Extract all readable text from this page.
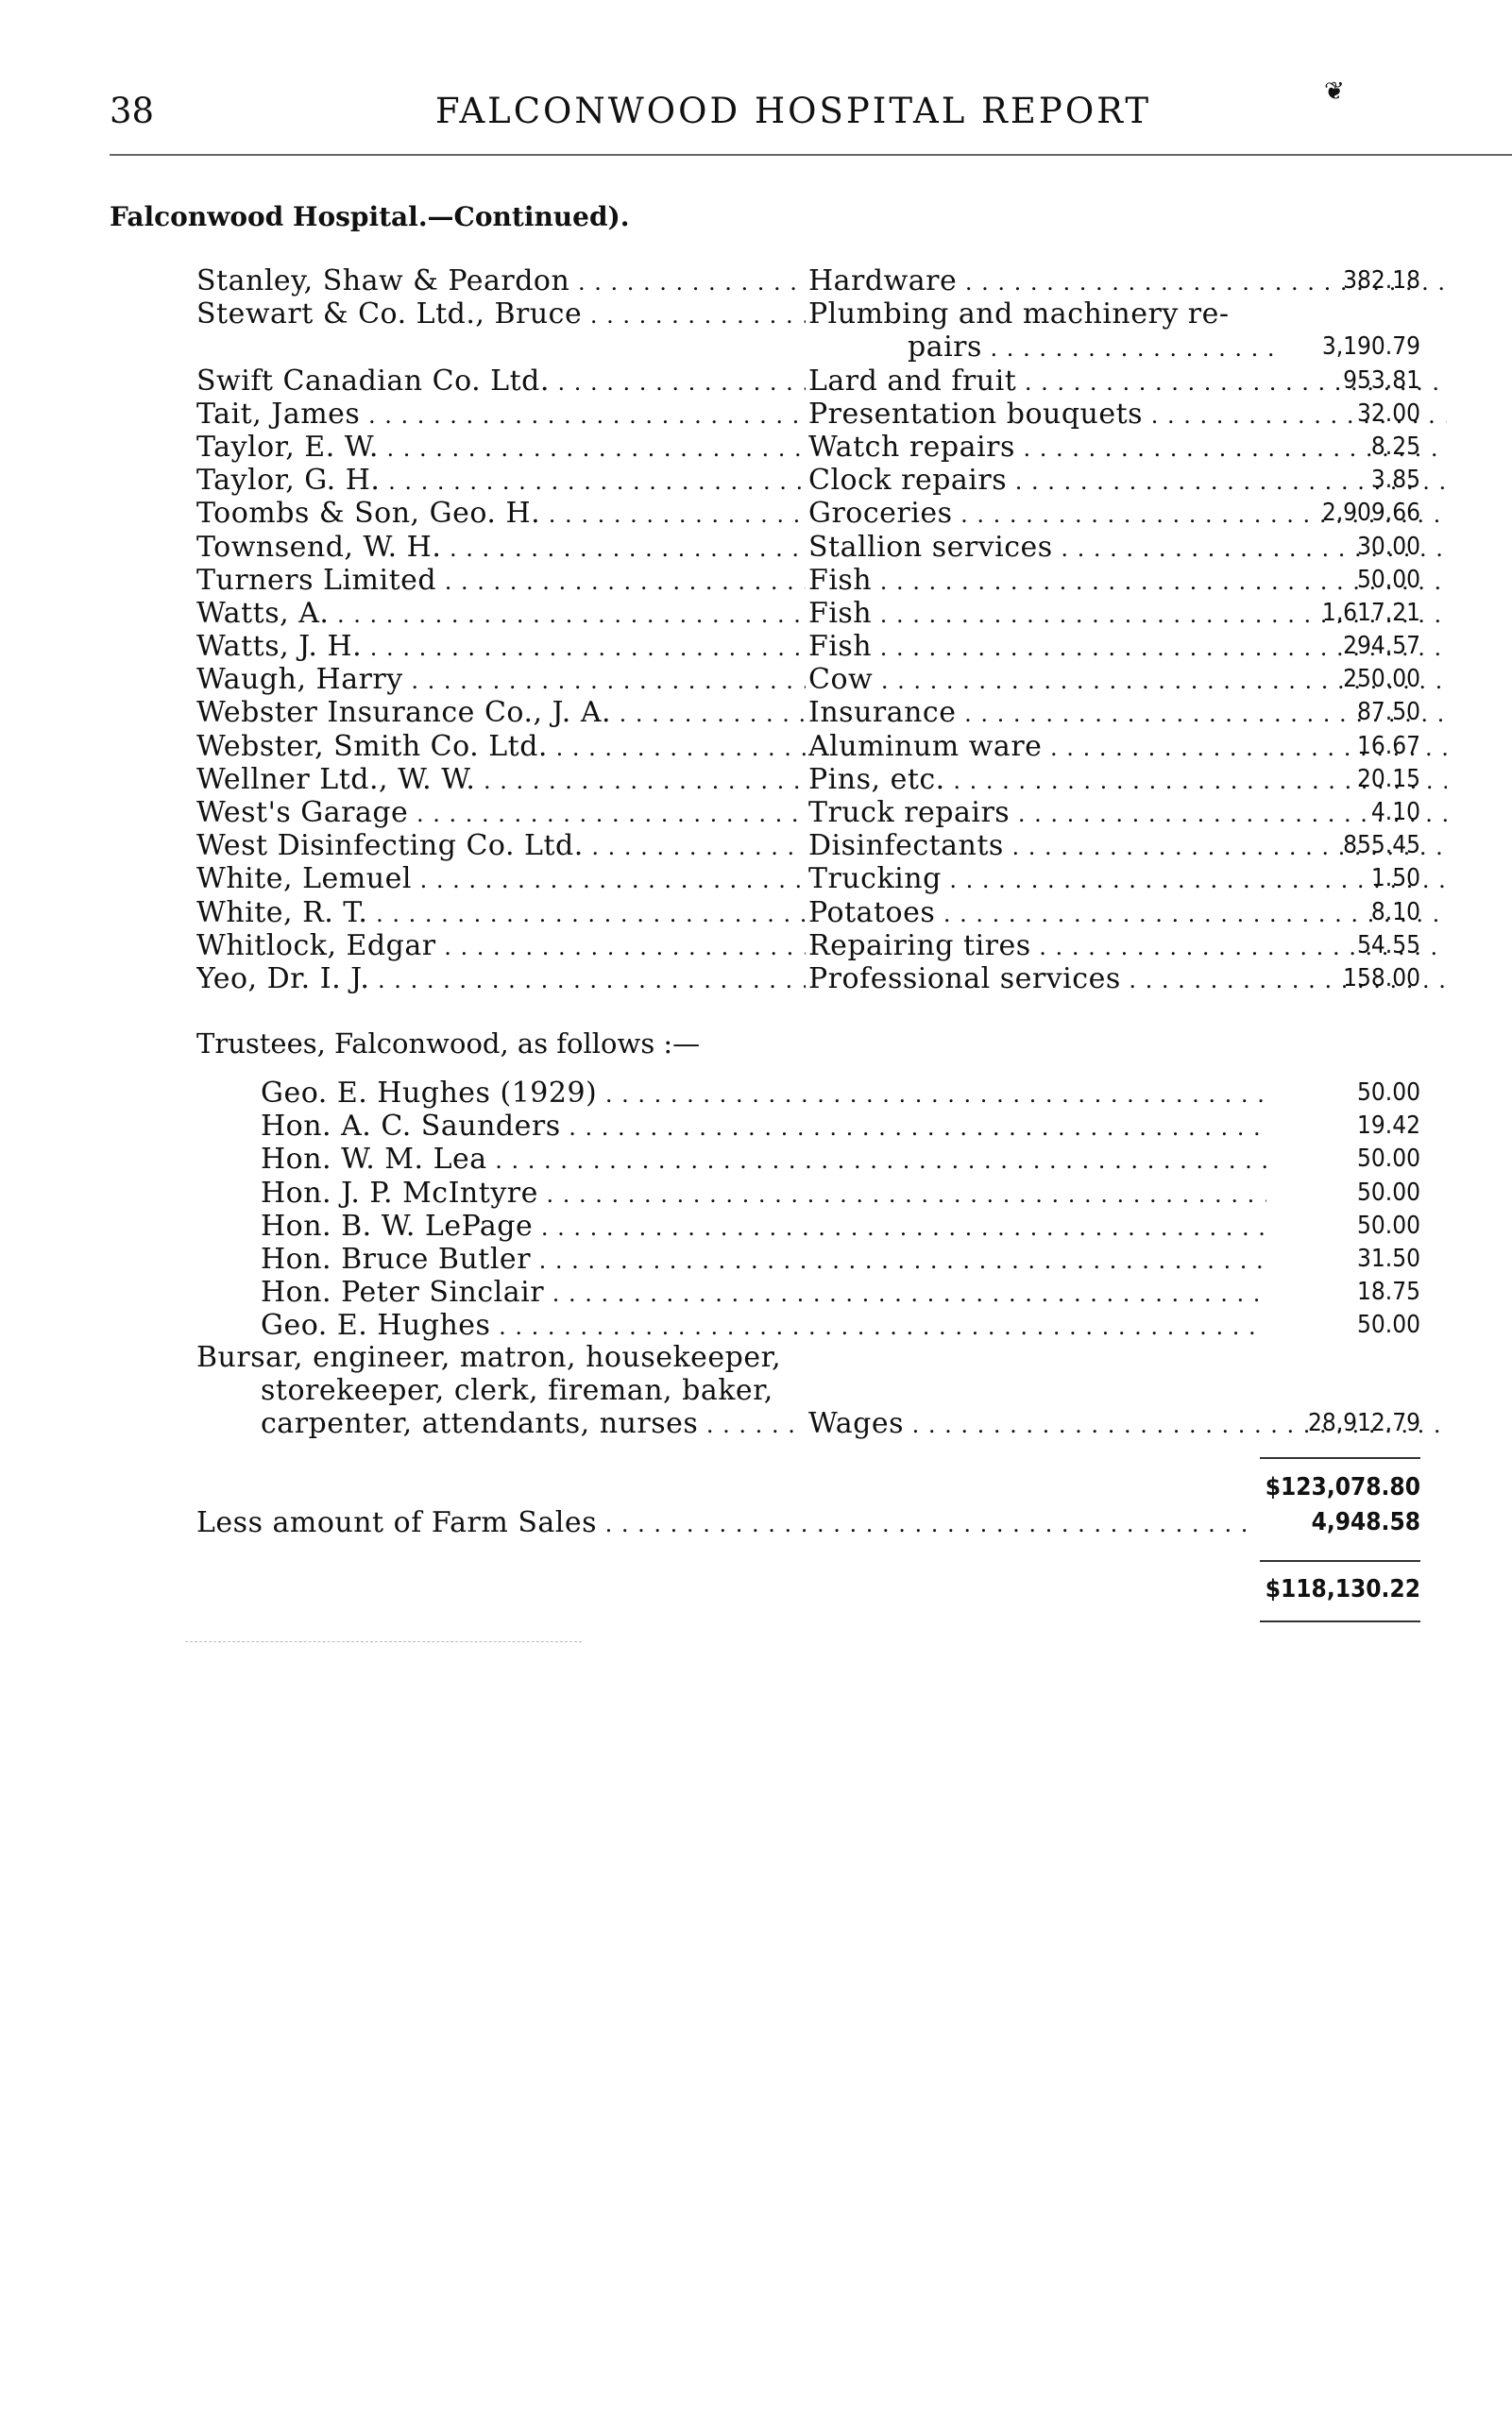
38	FALCONWOOD HOSPITAL REPORT	❦
Falconwood Hospital.—Continued).
Stanley, Shaw & Peardon . . .	Hardware . . .	382.18
Stewart & Co. Ltd., Bruce . . .	Plumbing and machinery re-
pairs . . .	3,190.79
Swift Canadian Co. Ltd. . . .	Lard and fruit . . .	953.81
Tait, James . . .	Presentation bouquets . . .	32.00
Taylor, E. W. . . .	Watch repairs . . .	8.25
Taylor, G. H. . . .	Clock repairs . . .	3.85
Toombs & Son, Geo. H. . . .	Groceries . . .	2,909.66
Townsend, W. H. . . .	Stallion services . . .	30.00
Turners Limited . . .	Fish . . .	50.00
Watts, A. . . .	Fish . . .	1,617.21
Watts, J. H. . . .	Fish . . .	294.57
Waugh, Harry . . .	Cow . . .	250.00
Webster Insurance Co., J. A. . . .	Insurance . . .	87.50
Webster, Smith Co. Ltd. . . .	Aluminum ware . . .	16.67
Wellner Ltd., W. W. . . .	Pins, etc. . . .	20.15
West's Garage . . .	Truck repairs . . .	4.10
West Disinfecting Co. Ltd. . . .	Disinfectants . . .	855.45
White, Lemuel . . .	Trucking . . .	1.50
White, R. T. . . .	Potatoes . . .	8.10
Whitlock, Edgar . . .	Repairing tires . . .	54.55
Yeo, Dr. I. J. . . .	Professional services . . .	158.00
Trustees, Falconwood, as follows :—
Geo. E. Hughes (1929) . . .	50.00
Hon. A. C. Saunders . . .	19.42
Hon. W. M. Lea . . .	50.00
Hon. J. P. McIntyre . . .	50.00
Hon. B. W. LePage . . .	50.00
Hon. Bruce Butler . . .	31.50
Hon. Peter Sinclair . . .	18.75
Geo. E. Hughes . . .	50.00
Bursar, engineer, matron, housekeeper,
storekeeper, clerk, fireman, baker,
carpenter, attendants, nurses . . .	Wages . . .	28,912.79
$123,078.80
Less amount of Farm Sales . . .	4,948.58
$118,130.22
